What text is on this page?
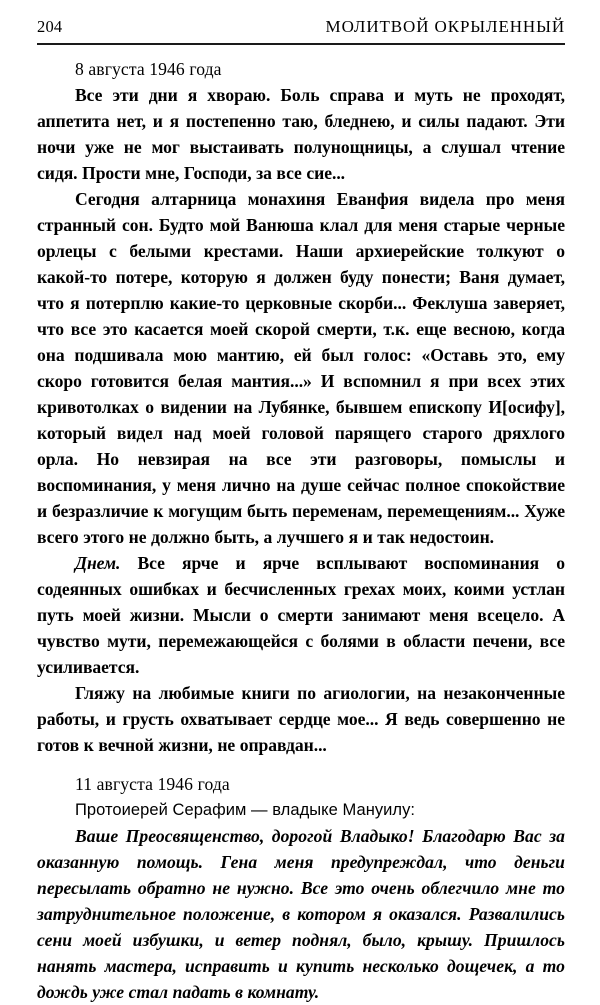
204	МОЛИТВОЙ ОКРЫЛЕННЫЙ

8 августа 1946 года

Все эти дни я хвораю. Боль справа и муть не проходят, аппетита нет, и я постепенно таю, бледнею, и силы падают. Эти ночи уже не мог выстаивать полунощницы, а слушал чтение сидя. Прости мне, Господи, за все сие...

Сегодня алтарница монахиня Еванфия видела про меня странный сон. Будто мой Ванюша клал для меня старые черные орлецы с белыми крестами. Наши архиерейские толкуют о какой-то потере, которую я должен буду понести; Ваня думает, что я потерплю какие-то церковные скорби... Феклуша заверяет, что все это касается моей скорой смерти, т.к. еще весною, когда она подшивала мою мантию, ей был голос: «Оставь это, ему скоро готовится белая мантия...» И вспомнил я при всех этих кривотолках о видении на Лубянке, бывшем епископу И[осифу], который видел над моей головой парящего старого дряхлого орла. Но невзирая на все эти разговоры, помыслы и воспоминания, у меня лично на душе сейчас полное спокойствие и безразличие к могущим быть переменам, перемещениям... Хуже всего этого не должно быть, а лучшего я и так недостоин.

Днем. Все ярче и ярче всплывают воспоминания о содеянных ошибках и бесчисленных грехах моих, коими устлан путь моей жизни. Мысли о смерти занимают меня всецело. А чувство мути, перемежающейся с болями в области печени, все усиливается.

Гляжу на любимые книги по агиологии, на незаконченные работы, и грусть охватывает сердце мое... Я ведь совершенно не готов к вечной жизни, не оправдан...

11 августа 1946 года

Протоиерей Серафим — владыке Мануилу:

Ваше Преосвященство, дорогой Владыко! Благодарю Вас за оказанную помощь. Гена меня предупреждал, что деньги пересылать обратно не нужно. Все это очень облегчило мне то затруднительное положение, в котором я оказался. Развалились сени моей избушки, и ветер поднял, было, крышу. Пришлось нанять мастера, исправить и купить несколько дощечек, а то дождь уже стал падать в комнату.
